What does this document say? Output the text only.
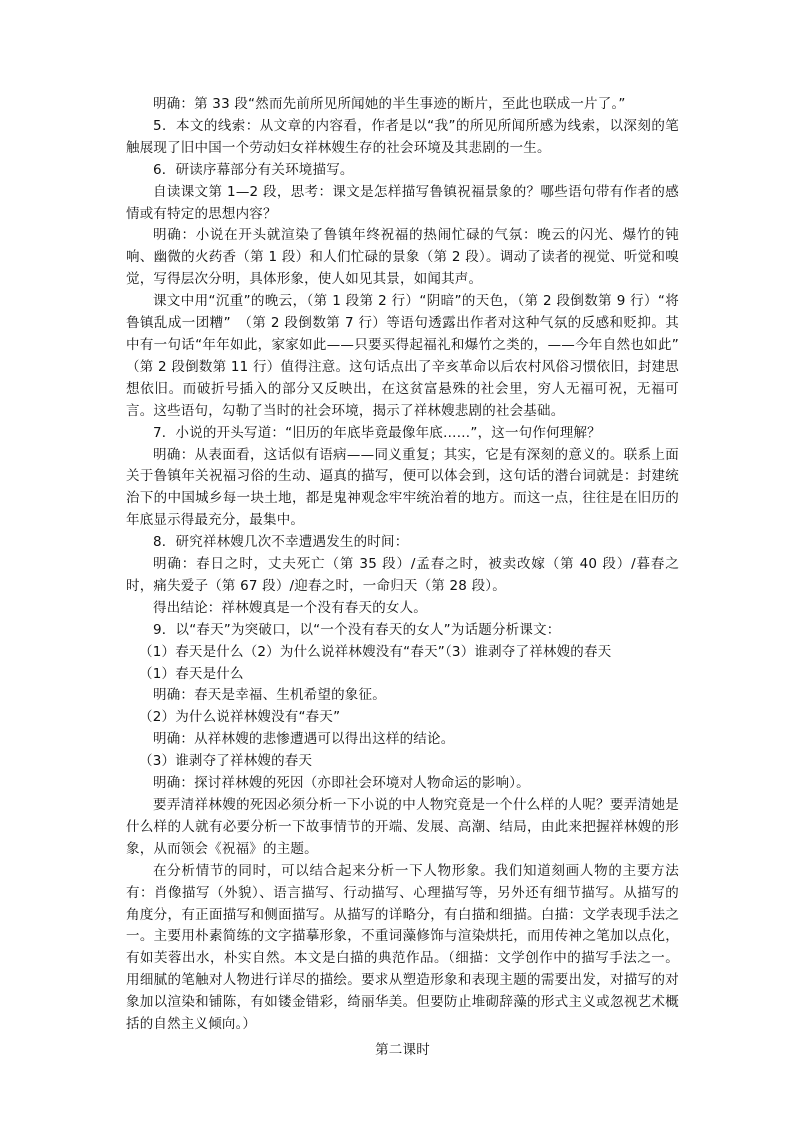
明确：第 33 段“然而先前所见所闻她的半生事迹的断片，至此也联成一片了。”

5．本文的线索：从文章的内容看，作者是以“我”的所见所闻所感为线索，以深刻的笔触展现了旧中国一个劳动妇女祥林嫂生存的社会环境及其悲剧的一生。

6．研读序幕部分有关环境描写。

自读课文第 1—2 段，思考：课文是怎样描写鲁镇祝福景象的？哪些语句带有作者的感情或有特定的思想内容？

明确：小说在开头就渲染了鲁镇年终祝福的热闹忙碌的气氛：晚云的闪光、爆竹的钝响、幽微的火药香（第 1 段）和人们忙碌的景象（第 2 段）。调动了读者的视觉、听觉和嗅觉，写得层次分明，具体形象，使人如见其景，如闻其声。

课文中用“沉重”的晚云，（第 1 段第 2 行）“阴暗”的天色，（第 2 段倒数第 9 行）“将鲁镇乱成一团糟”　（第 2 段倒数第 7 行）等语句透露出作者对这种气氛的反感和贬抑。其中有一句话“年年如此，家家如此——只要买得起福礼和爆竹之类的，——今年自然也如此”　（第 2 段倒数第 11 行）值得注意。这句话点出了辛亥革命以后农村风俗习惯依旧，封建思想依旧。而破折号插入的部分又反映出，在这贫富悬殊的社会里，穷人无福可祝，无福可言。这些语句，勾勒了当时的社会环境，揭示了祥林嫂悲剧的社会基础。

7．小说的开头写道：“旧历的年底毕竟最像年底……”，这一句作何理解？

明确：从表面看，这话似有语病——同义重复；其实，它是有深刻的意义的。联系上面关于鲁镇年关祝福习俗的生动、逼真的描写，便可以体会到，这句话的潜台词就是：封建统治下的中国城乡每一块土地，都是鬼神观念牢牢统治着的地方。而这一点，往往是在旧历的年底显示得最充分，最集中。

8．研究祥林嫂几次不幸遭遇发生的时间：

明确：春日之时，丈夫死亡（第 35 段）/孟春之时，被卖改嫁（第 40 段）/暮春之时，痛失爱子（第 67 段）/迎春之时，一命归天（第 28 段）。

得出结论：祥林嫂真是一个没有春天的女人。

9．以“春天”为突破口，以“一个没有春天的女人”为话题分析课文：

（1）春天是什么（2）为什么说祥林嫂没有“春天”（3）谁剥夺了祥林嫂的春天

（1）春天是什么

明确：春天是幸福、生机希望的象征。

（2）为什么说祥林嫂没有“春天”

明确：从祥林嫂的悲惨遭遇可以得出这样的结论。

（3）谁剥夺了祥林嫂的春天

明确：探讨祥林嫂的死因（亦即社会环境对人物命运的影响）。

要弄清祥林嫂的死因必须分析一下小说的中人物究竟是一个什么样的人呢？要弄清她是什么样的人就有必要分析一下故事情节的开端、发展、高潮、结局，由此来把握祥林嫂的形象，从而领会《祝福》的主题。

在分析情节的同时，可以结合起来分析一下人物形象。我们知道刻画人物的主要方法有：肖像描写（外貌）、语言描写、行动描写、心理描写等，另外还有细节描写。从描写的角度分，有正面描写和侧面描写。从描写的详略分，有白描和细描。白描：文学表现手法之一。主要用朴素简练的文字描摹形象，不重词藻修饰与渲染烘托，而用传神之笔加以点化，有如芙蓉出水，朴实自然。本文是白描的典范作品。（细描：文学创作中的描写手法之一。用细腻的笔触对人物进行详尽的描绘。要求从塑造形象和表现主题的需要出发，对描写的对象加以渲染和铺陈，有如镂金错彩，绮丽华美。但要防止堆砌辞藻的形式主义或忽视艺术概括的自然主义倾向。）

第二课时
